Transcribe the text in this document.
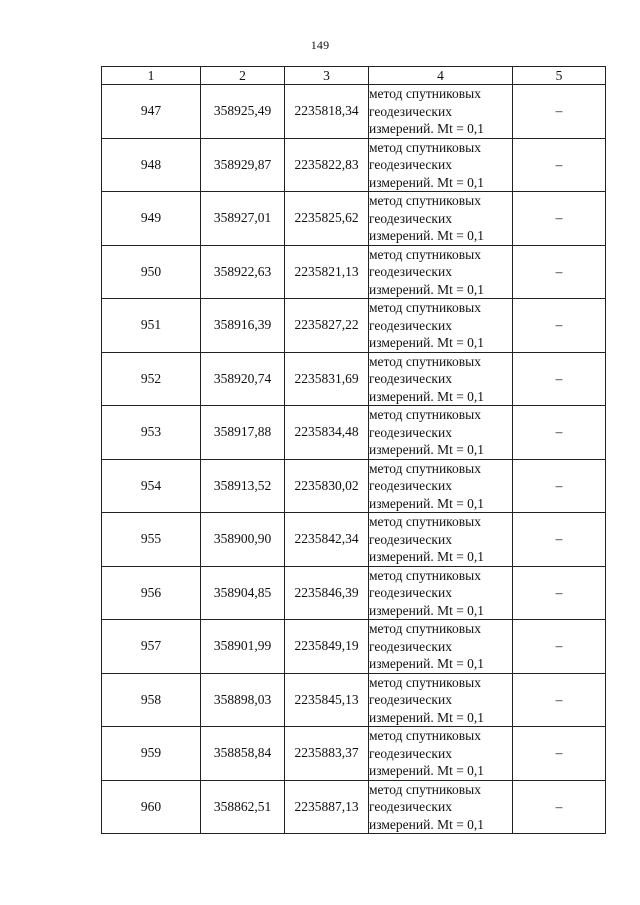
149
1	2	3	4	5
947	358925,49	2235818,34	метод спутниковых
геодезических
измерений. Mt = 0,1	–
948	358929,87	2235822,83	метод спутниковых
геодезических
измерений. Mt = 0,1	–
949	358927,01	2235825,62	метод спутниковых
геодезических
измерений. Mt = 0,1	–
950	358922,63	2235821,13	метод спутниковых
геодезических
измерений. Mt = 0,1	–
951	358916,39	2235827,22	метод спутниковых
геодезических
измерений. Mt = 0,1	–
952	358920,74	2235831,69	метод спутниковых
геодезических
измерений. Mt = 0,1	–
953	358917,88	2235834,48	метод спутниковых
геодезических
измерений. Mt = 0,1	–
954	358913,52	2235830,02	метод спутниковых
геодезических
измерений. Mt = 0,1	–
955	358900,90	2235842,34	метод спутниковых
геодезических
измерений. Mt = 0,1	–
956	358904,85	2235846,39	метод спутниковых
геодезических
измерений. Mt = 0,1	–
957	358901,99	2235849,19	метод спутниковых
геодезических
измерений. Mt = 0,1	–
958	358898,03	2235845,13	метод спутниковых
геодезических
измерений. Mt = 0,1	–
959	358858,84	2235883,37	метод спутниковых
геодезических
измерений. Mt = 0,1	–
960	358862,51	2235887,13	метод спутниковых
геодезических
измерений. Mt = 0,1	–
